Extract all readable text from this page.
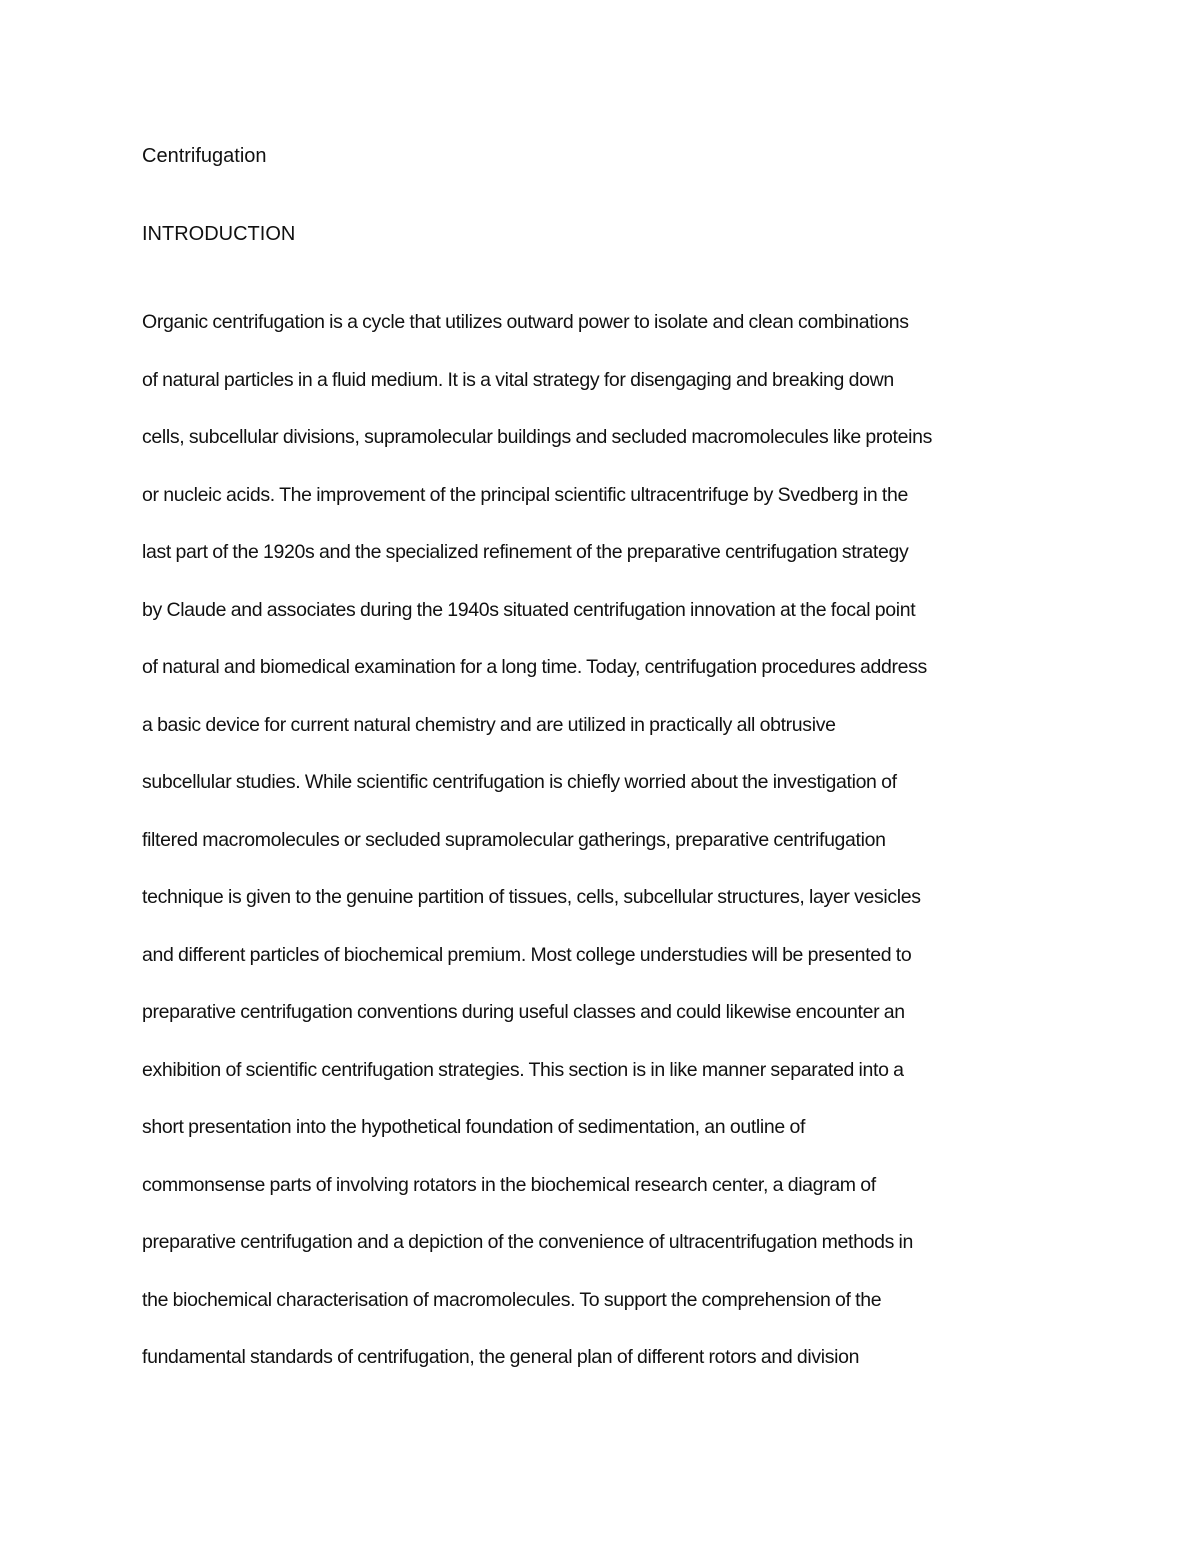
Centrifugation
INTRODUCTION
Organic centrifugation is a cycle that utilizes outward power to isolate and clean combinations
of natural particles in a fluid medium. It is a vital strategy for disengaging and breaking down
cells, subcellular divisions, supramolecular buildings and secluded macromolecules like proteins
or nucleic acids. The improvement of the principal scientific ultracentrifuge by Svedberg in the
last part of the 1920s and the specialized refinement of the preparative centrifugation strategy
by Claude and associates during the 1940s situated centrifugation innovation at the focal point
of natural and biomedical examination for a long time. Today, centrifugation procedures address
a basic device for current natural chemistry and are utilized in practically all obtrusive
subcellular studies. While scientific centrifugation is chiefly worried about the investigation of
filtered macromolecules or secluded supramolecular gatherings, preparative centrifugation
technique is given to the genuine partition of tissues, cells, subcellular structures, layer vesicles
and different particles of biochemical premium. Most college understudies will be presented to
preparative centrifugation conventions during useful classes and could likewise encounter an
exhibition of scientific centrifugation strategies. This section is in like manner separated into a
short presentation into the hypothetical foundation of sedimentation, an outline of
commonsense parts of involving rotators in the biochemical research center, a diagram of
preparative centrifugation and a depiction of the convenience of ultracentrifugation methods in
the biochemical characterisation of macromolecules. To support the comprehension of the
fundamental standards of centrifugation, the general plan of different rotors and division
